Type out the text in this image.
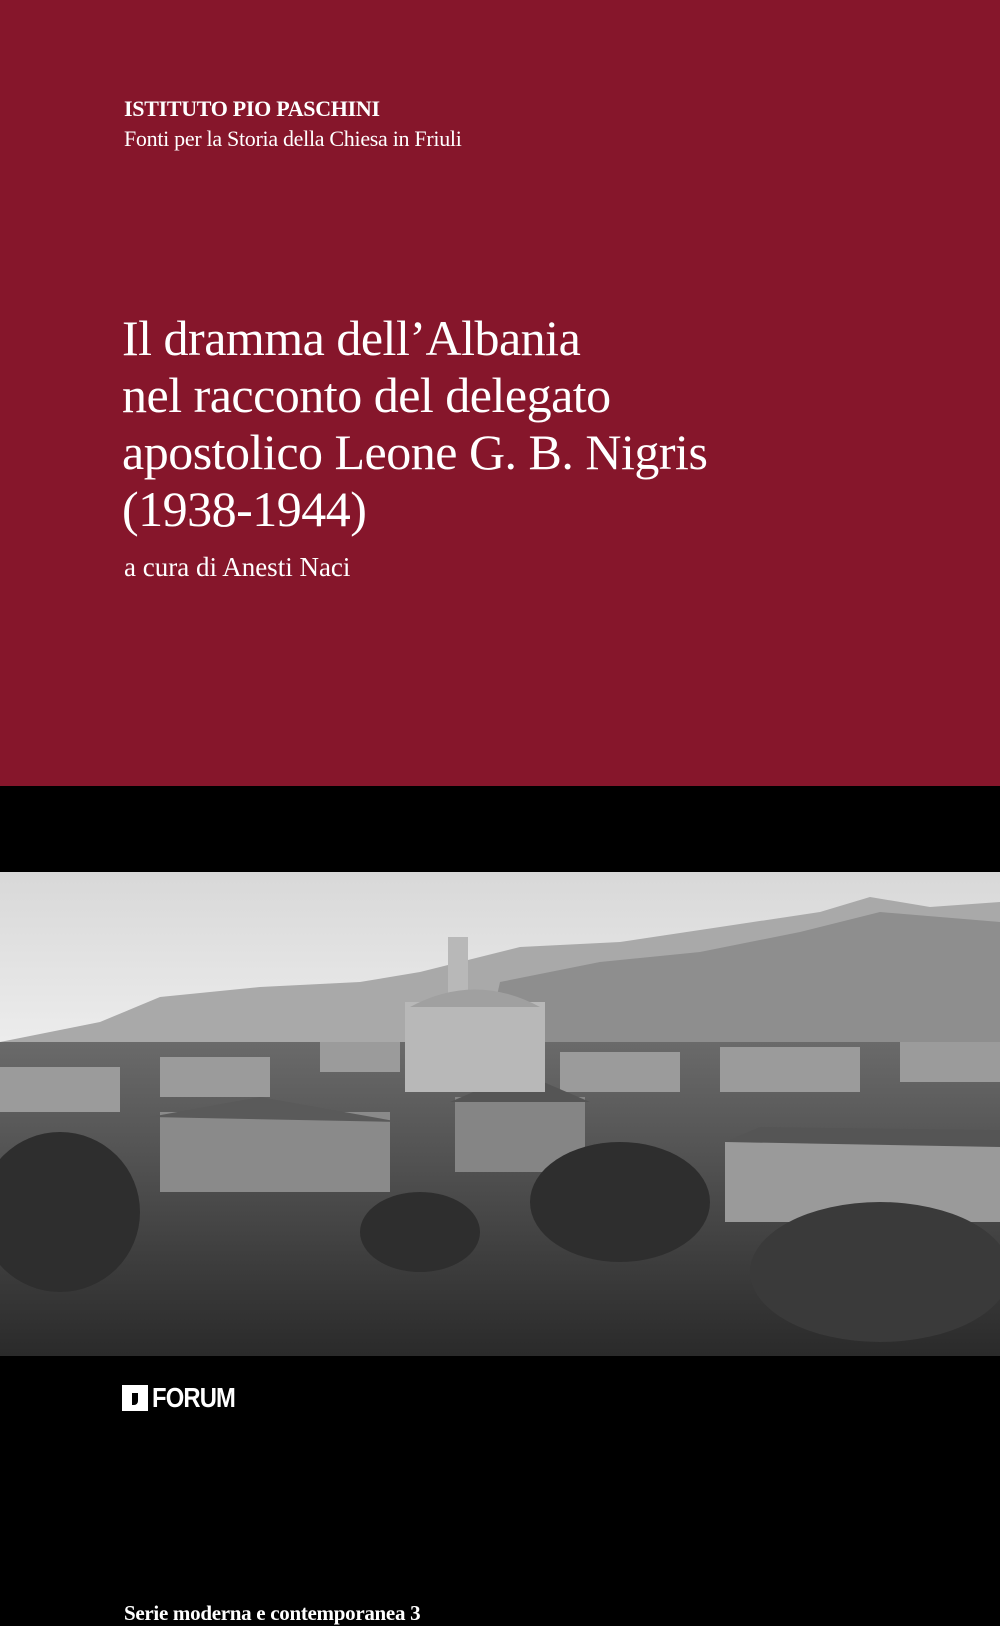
ISTITUTO PIO PASCHINI
Fonti per la Storia della Chiesa in Friuli
Il dramma dell’Albania
nel racconto del delegato
apostolico Leone G. B. Nigris
(1938-1944)
a cura di Anesti Naci
Serie moderna e contemporanea 3
FORUM
